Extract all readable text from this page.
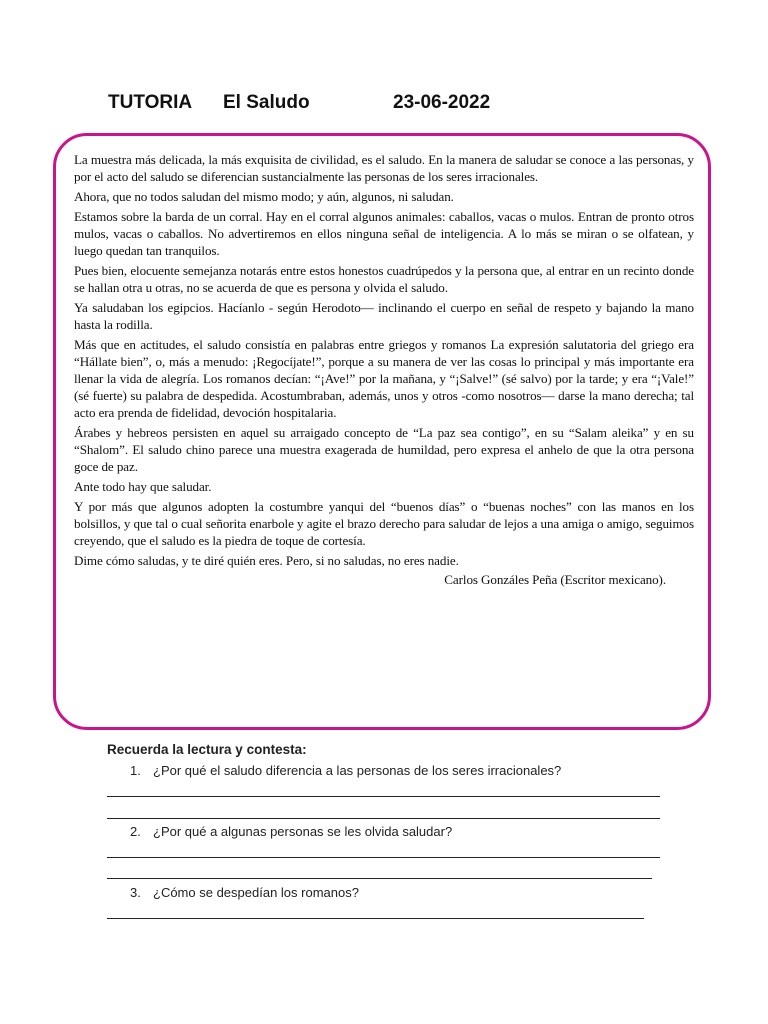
TUTORIA El Saludo	23-06-2022

La muestra más delicada, la más exquisita de civilidad, es el saludo. En la manera de saludar se conoce a las personas, y por el acto del saludo se diferencian sustancialmente las personas de los seres irracionales.

Ahora, que no todos saludan del mismo modo; y aún, algunos, ni saludan.

Estamos sobre la barda de un corral. Hay en el corral algunos animales: caballos, vacas o mulos. Entran de pronto otros mulos, vacas o caballos. No advertiremos en ellos ninguna señal de inteligencia. A lo más se miran o se olfatean, y luego quedan tan tranquilos.

Pues bien, elocuente semejanza notarás entre estos honestos cuadrúpedos y la persona que, al entrar en un recinto donde se hallan otra u otras, no se acuerda de que es persona y olvida el saludo.

Ya saludaban los egipcios. Hacíanlo - según Herodoto— inclinando el cuerpo en señal de respeto y bajando la mano hasta la rodilla.

Más que en actitudes, el saludo consistía en palabras entre griegos y romanos La expresión salutatoria del griego era “Hállate bien”, o, más a menudo: ¡Regocíjate!”, porque a su manera de ver las cosas lo principal y más importante era llenar la vida de alegría. Los romanos decían: “¡Ave!” por la mañana, y “¡Salve!” (sé salvo) por la tarde; y era “¡Vale!” (sé fuerte) su palabra de despedida. Acostumbraban, además, unos y otros -como nosotros— darse la mano derecha; tal acto era prenda de fidelidad, devoción hospitalaria.

Árabes y hebreos persisten en aquel su arraigado concepto de “La paz sea contigo”, en su “Salam aleika” y en su “Shalom”. El saludo chino parece una muestra exagerada de humildad, pero expresa el anhelo de que la otra persona goce de paz.

Ante todo hay que saludar.

Y por más que algunos adopten la costumbre yanqui del “buenos días” o “buenas noches” con las manos en los bolsillos, y que tal o cual señorita enarbole y agite el brazo derecho para saludar de lejos a una amiga o amigo, seguimos creyendo, que el saludo es la piedra de toque de cortesía.

Dime cómo saludas, y te diré quién eres. Pero, si no saludas, no eres nadie.

Carlos Gonzáles Peña (Escritor mexicano).

Recuerda la lectura y contesta:
1. ¿Por qué el saludo diferencia a las personas de los seres irracionales?
2. ¿Por qué a algunas personas se les olvida saludar?
3. ¿Cómo se despedían los romanos?
